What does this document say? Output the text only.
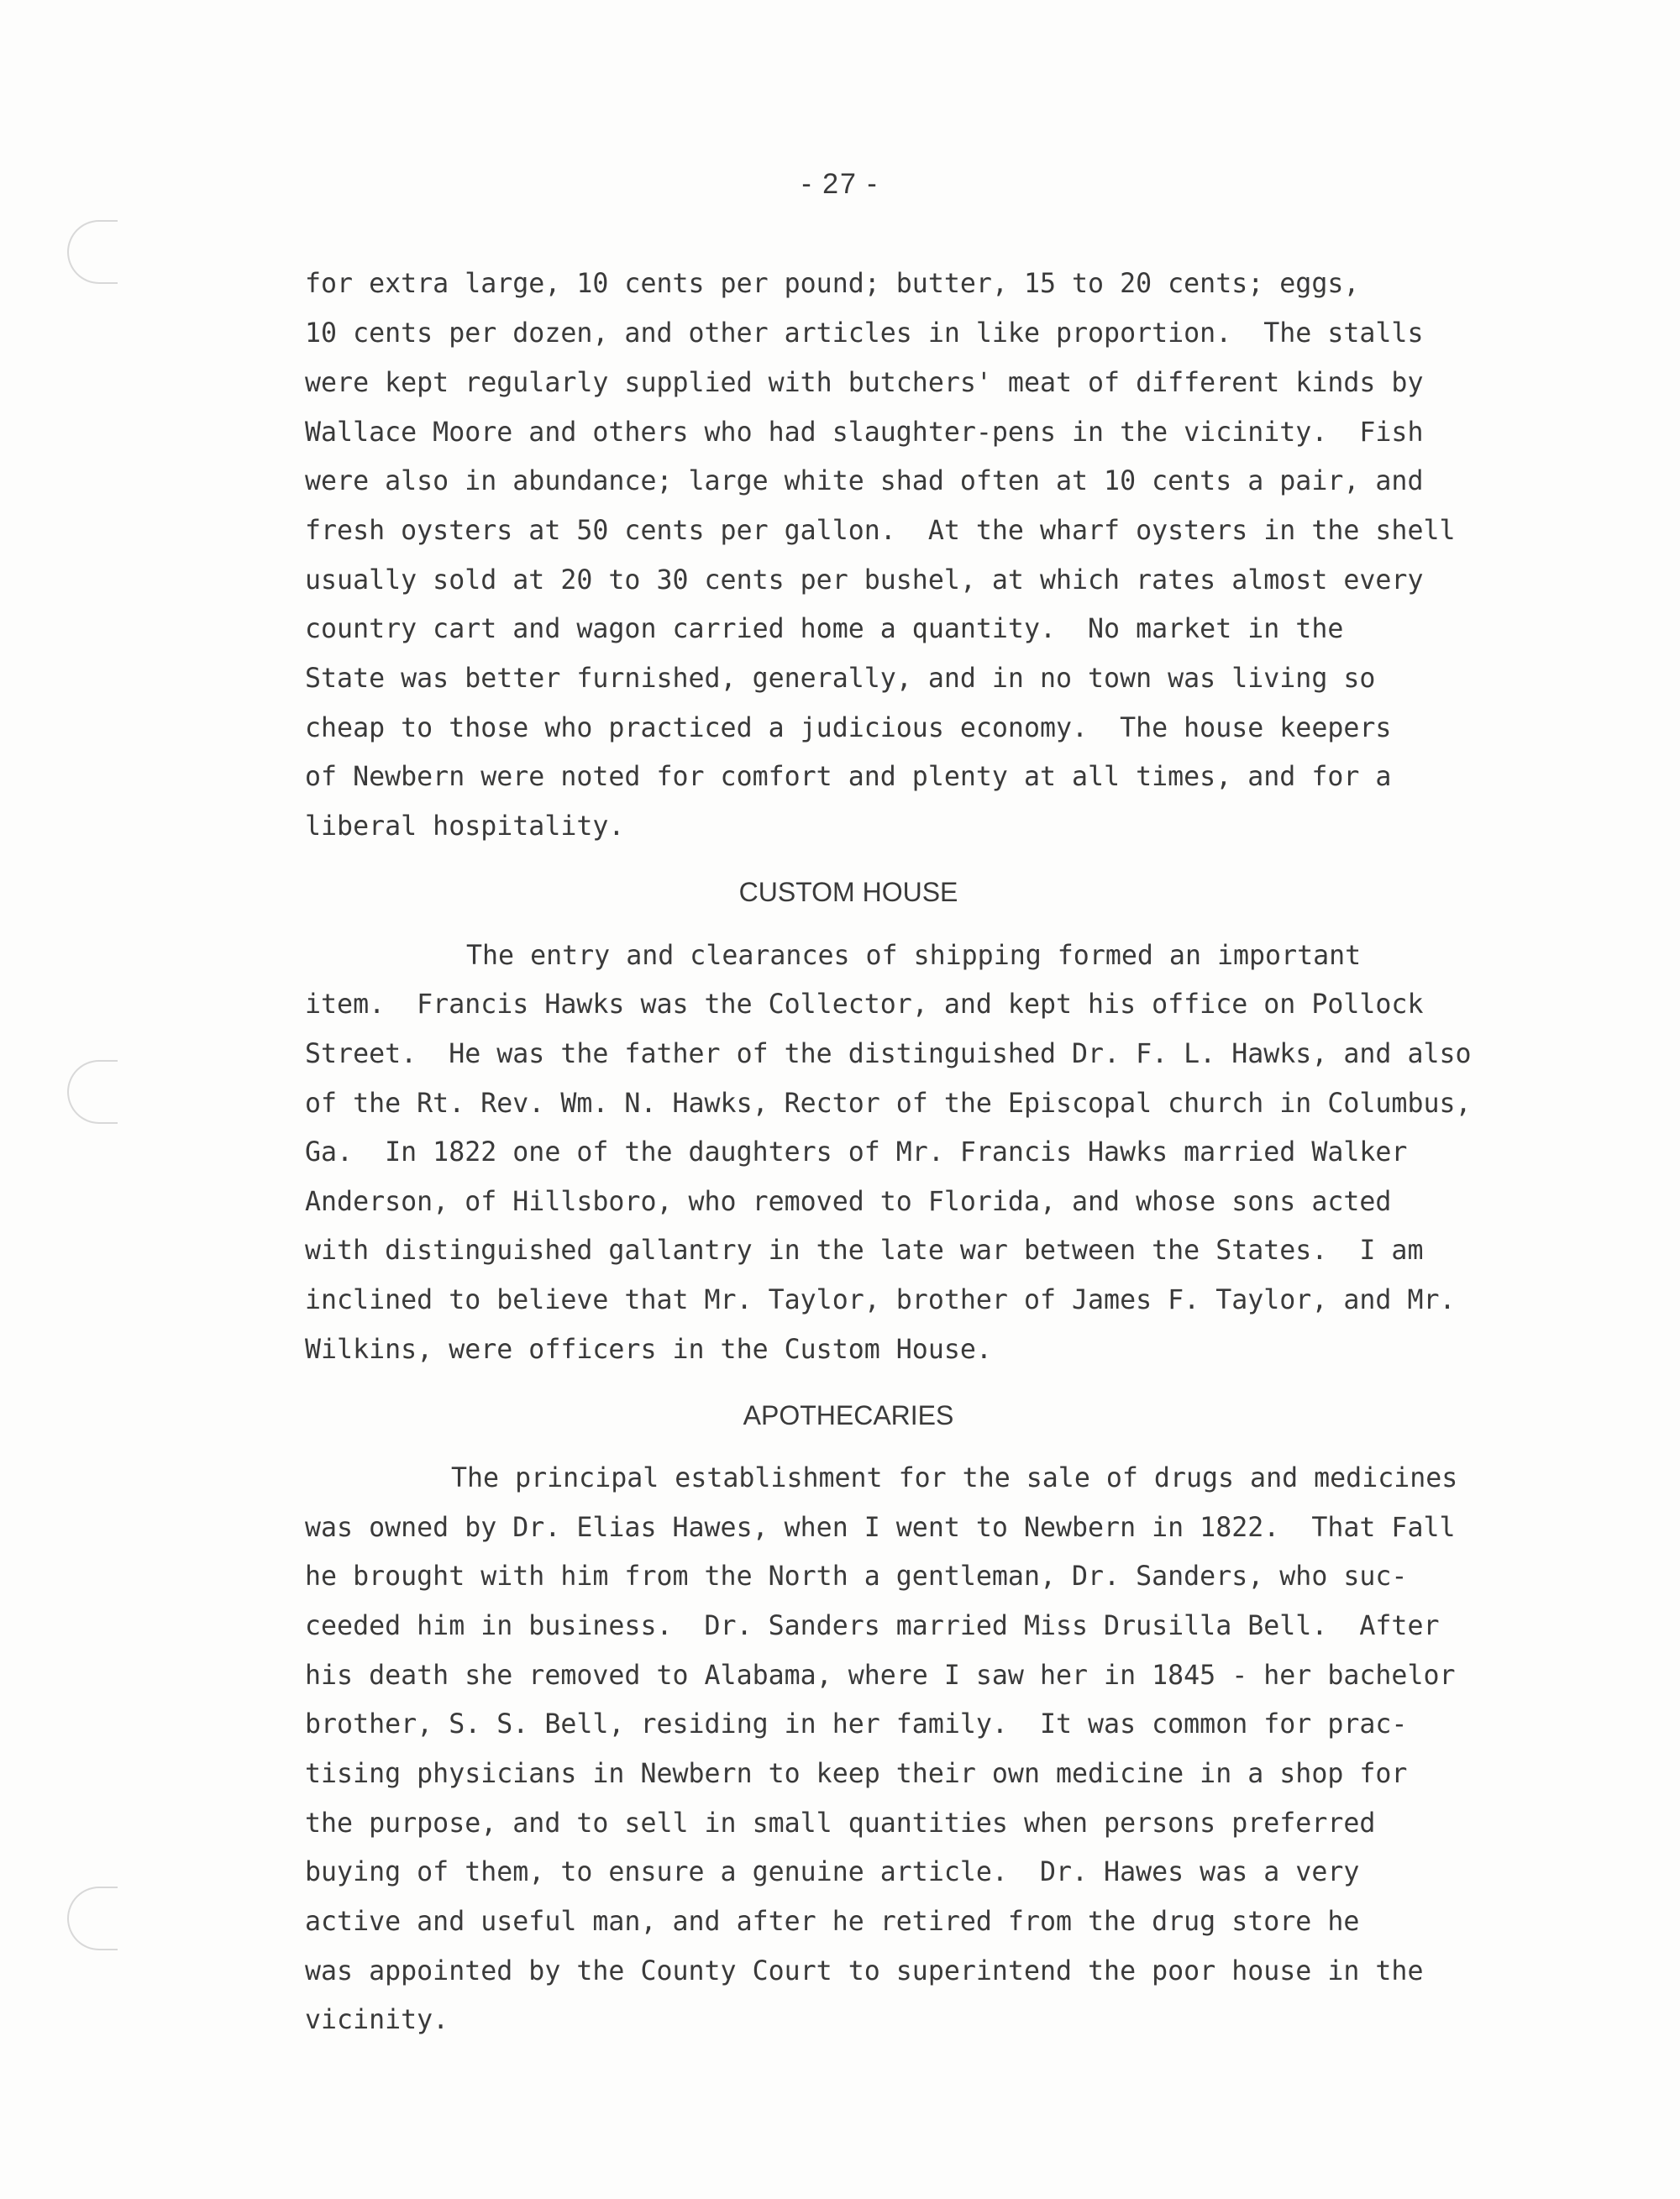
- 27 -
for extra large, 10 cents per pound; butter, 15 to 20 cents; eggs,
10 cents per dozen, and other articles in like proportion.  The stalls
were kept regularly supplied with butchers' meat of different kinds by
Wallace Moore and others who had slaughter-pens in the vicinity.  Fish
were also in abundance; large white shad often at 10 cents a pair, and
fresh oysters at 50 cents per gallon.  At the wharf oysters in the shell
usually sold at 20 to 30 cents per bushel, at which rates almost every
country cart and wagon carried home a quantity.  No market in the
State was better furnished, generally, and in no town was living so
cheap to those who practiced a judicious economy.  The house keepers
of Newbern were noted for comfort and plenty at all times, and for a
liberal hospitality.
CUSTOM HOUSE
The entry and clearances of shipping formed an important
item.  Francis Hawks was the Collector, and kept his office on Pollock
Street.  He was the father of the distinguished Dr. F. L. Hawks, and also
of the Rt. Rev. Wm. N. Hawks, Rector of the Episcopal church in Columbus,
Ga.  In 1822 one of the daughters of Mr. Francis Hawks married Walker
Anderson, of Hillsboro, who removed to Florida, and whose sons acted
with distinguished gallantry in the late war between the States.  I am
inclined to believe that Mr. Taylor, brother of James F. Taylor, and Mr.
Wilkins, were officers in the Custom House.
APOTHECARIES
The principal establishment for the sale of drugs and medicines
was owned by Dr. Elias Hawes, when I went to Newbern in 1822.  That Fall
he brought with him from the North a gentleman, Dr. Sanders, who suc-
ceeded him in business.  Dr. Sanders married Miss Drusilla Bell.  After
his death she removed to Alabama, where I saw her in 1845 - her bachelor
brother, S. S. Bell, residing in her family.  It was common for prac-
tising physicians in Newbern to keep their own medicine in a shop for
the purpose, and to sell in small quantities when persons preferred
buying of them, to ensure a genuine article.  Dr. Hawes was a very
active and useful man, and after he retired from the drug store he
was appointed by the County Court to superintend the poor house in the
vicinity.
